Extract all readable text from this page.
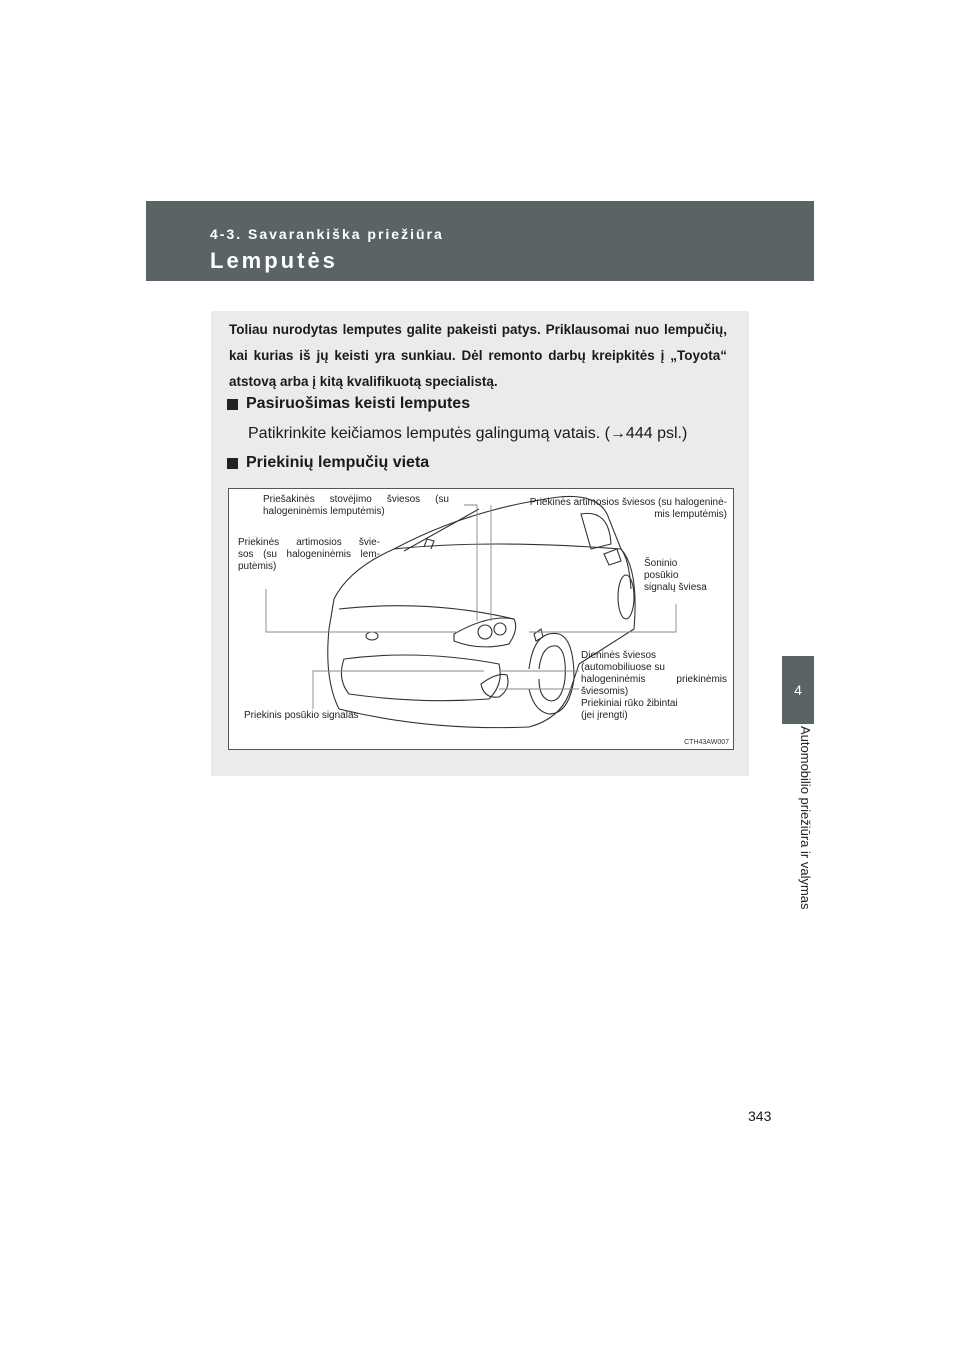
4-3. Savarankiška priežiūra
Lemputės
4
Automobilio priežiūra ir valymas
Toliau nurodytas lemputes galite pakeisti patys. Priklausomai nuo lempučių, kai kurias iš jų keisti yra sunkiau. Dėl remonto darbų kreipkitės į „Toyota“ atstovą arba į kitą kvalifikuotą specialistą.
Pasiruošimas keisti lemputes
Patikrinkite keičiamos lemputės galingumą vatais. (→444 psl.)
Priekinių lempučių vieta
Priešakinės stovėjimo šviesos (su
halogeninėmis lemputėmis)
Priekinės artimosios šviesos (su halogeninė-
mis lemputėmis)
Priekinės artimosios švie-
sos (su halogeninėmis lem-
putėmis)	Šoninio
posūkio
signalų šviesa
Dieninės šviesos
(automobiliuose su
halogeninėmis priekinėmis
šviesomis)
Priekiniai rūko žibintai
(jei įrengti)
Priekinis posūkio signalas
CTH43AW007
343
